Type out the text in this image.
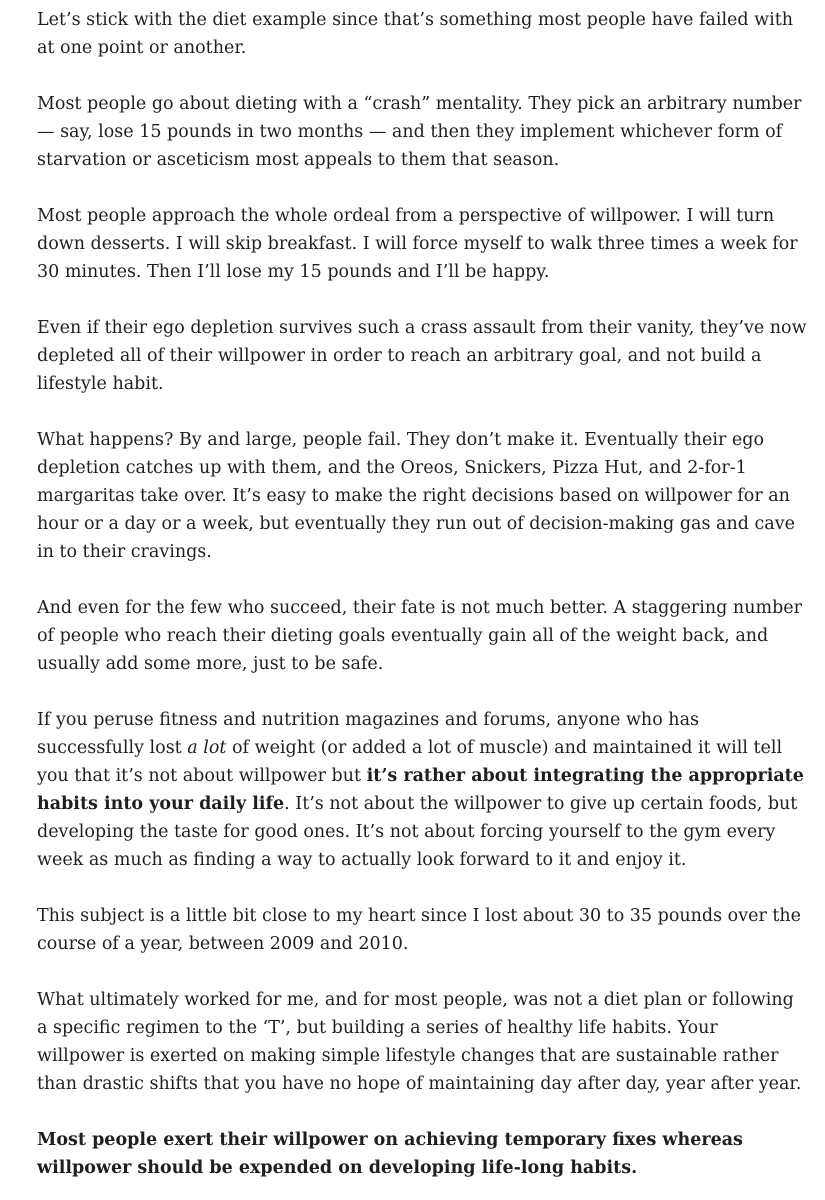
Let’s stick with the diet example since that’s something most people have failed with at one point or another.

Most people go about dieting with a “crash” mentality. They pick an arbitrary number — say, lose 15 pounds in two months — and then they implement whichever form of starvation or asceticism most appeals to them that season.

Most people approach the whole ordeal from a perspective of willpower. I will turn down desserts. I will skip breakfast. I will force myself to walk three times a week for 30 minutes. Then I’ll lose my 15 pounds and I’ll be happy.

Even if their ego depletion survives such a crass assault from their vanity, they’ve now depleted all of their willpower in order to reach an arbitrary goal, and not build a lifestyle habit.

What happens? By and large, people fail. They don’t make it. Eventually their ego depletion catches up with them, and the Oreos, Snickers, Pizza Hut, and 2-for-1 margaritas take over. It’s easy to make the right decisions based on willpower for an hour or a day or a week, but eventually they run out of decision-making gas and cave in to their cravings.

And even for the few who succeed, their fate is not much better. A staggering number of people who reach their dieting goals eventually gain all of the weight back, and usually add some more, just to be safe.

If you peruse fitness and nutrition magazines and forums, anyone who has successfully lost a lot of weight (or added a lot of muscle) and maintained it will tell you that it’s not about willpower but it’s rather about integrating the appropriate habits into your daily life. It’s not about the willpower to give up certain foods, but developing the taste for good ones. It’s not about forcing yourself to the gym every week as much as finding a way to actually look forward to it and enjoy it.

This subject is a little bit close to my heart since I lost about 30 to 35 pounds over the course of a year, between 2009 and 2010.

What ultimately worked for me, and for most people, was not a diet plan or following a specific regimen to the ‘T’, but building a series of healthy life habits. Your willpower is exerted on making simple lifestyle changes that are sustainable rather than drastic shifts that you have no hope of maintaining day after day, year after year.

Most people exert their willpower on achieving temporary fixes whereas willpower should be expended on developing life-long habits.
